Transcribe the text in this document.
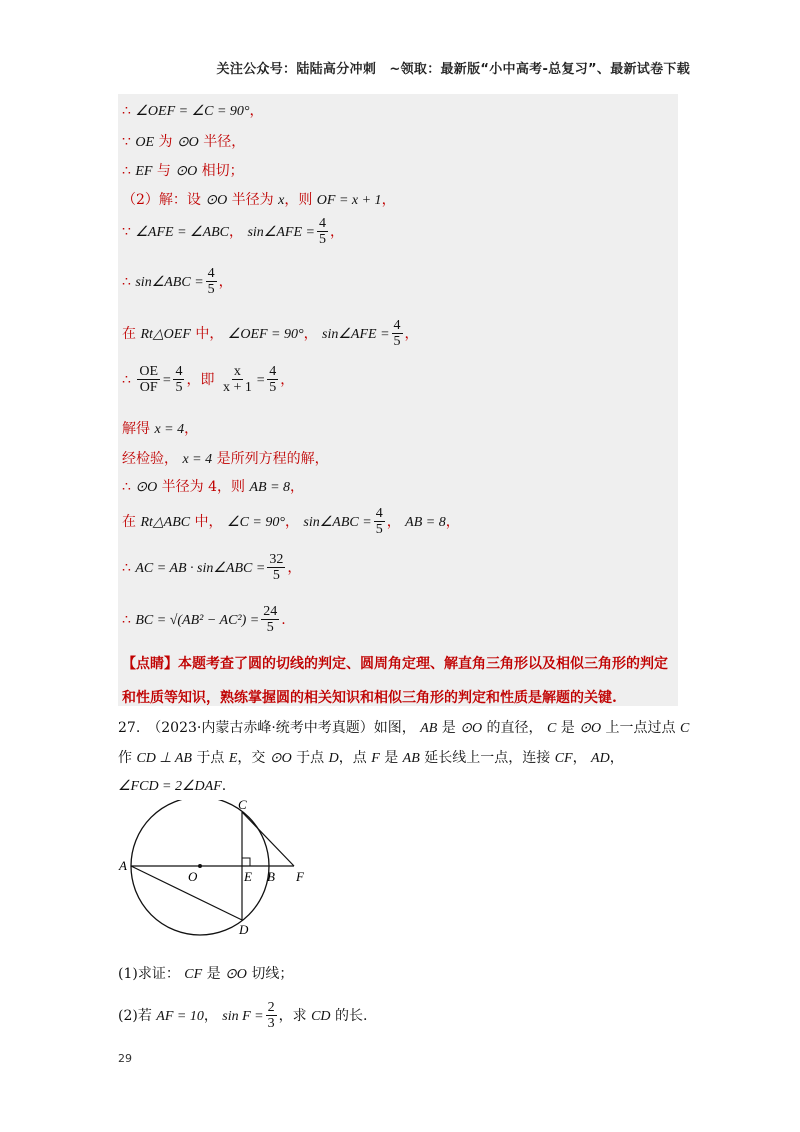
关注公众号：陆陆高分冲刺　~领取：最新版“小中高考-总复习”、最新试卷下载
∴ ∠OEF = ∠C = 90°，
∵ OE 为 ⊙O 半径，
∴ EF 与 ⊙O 相切；
（2）解：设 ⊙O 半径为 x，则 OF = x + 1，
∵ ∠AFE = ∠ABC， sin∠AFE = $\frac{4}{5}$ ，
∴ sin∠ABC = $\frac{4}{5}$ ，
在 Rt△OEF 中， ∠OEF = 90°， sin∠AFE = $\frac{4}{5}$ ，
∴ $\frac{OE}{OF} = \frac{4}{5}$ ，即 $\frac{x}{x + 1} = \frac{4}{5}$ ，
解得 x = 4，
经检验， x = 4 是所列方程的解，
∴ ⊙O 半径为 4，则 AB = 8，
在 Rt△ABC 中， ∠C = 90°， sin∠ABC = $\frac{4}{5}$ ， AB = 8，
∴ AC = AB · sin∠ABC = $\frac{32}{5}$ ，
∴ BC = $√(AB^2 - AC^2) = \frac{24}{5}$ .
【点睛】本题考查了圆的切线的判定、圆周角定理、解直角三角形以及相似三角形的判定和性质等知识，熟练掌握圆的相关知识和相似三角形的判定和性质是解题的关键.
27.　（2023·内蒙古赤峰·统考中考真题）如图， AB 是 ⊙O 的直径， C 是 ⊙O 上一点过点 C
作 CD ⊥ AB 于点 E，交 ⊙O 于点 D，点 F 是 AB 延长线上一点，连接 CF， AD，
∠FCD = 2∠DAF.
A
O	E B F
C
D
(1)求证： CF 是 ⊙O 切线；
(2)若 AF = 10， $\sin F = \frac{2}{3}$ ，求 CD 的长.
29
